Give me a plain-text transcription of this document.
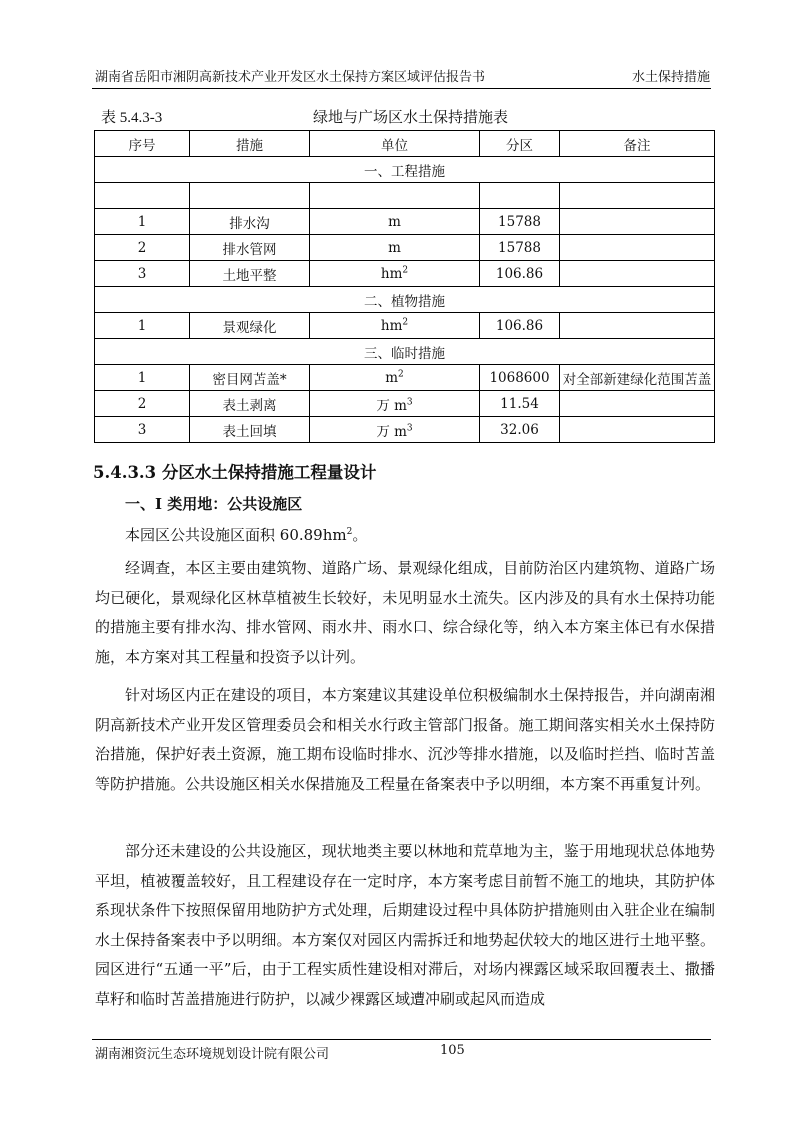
湖南省岳阳市湘阴高新技术产业开发区水土保持方案区域评估报告书	水土保持措施
表 5.4.3-3	绿地与广场区水土保持措施表
序号	措施	单位	分区	备注
一、工程措施				

1	排水沟	m	15788	
2	排水管网	m	15788	
3	土地平整	$hm^2$	106.86	
二、植物措施				
1	景观绿化	$hm^2$	106.86	
三、临时措施				
1	密目网苫盖*	$m^2$	1068600	对全部新建绿化范围苫盖
2	表土剥离	万 $m^3$	11.54	
3	表土回填	万 $m^3$	32.06	
5.4.3.3 分区水土保持措施工程量设计
一、I 类用地：公共设施区
本园区公共设施区面积 $60.89hm^2$。
经调查，本区主要由建筑物、道路广场、景观绿化组成，目前防治区内建筑物、道路广场均已硬化，景观绿化区林草植被生长较好，未见明显水土流失。区内涉及的具有水土保持功能的措施主要有排水沟、排水管网、雨水井、雨水口、综合绿化等，纳入本方案主体已有水保措施，本方案对其工程量和投资予以计列。
针对场区内正在建设的项目，本方案建议其建设单位积极编制水土保持报告，并向湖南湘阴高新技术产业开发区管理委员会和相关水行政主管部门报备。施工期间落实相关水土保持防治措施，保护好表土资源，施工期布设临时排水、沉沙等排水措施，以及临时拦挡、临时苫盖等防护措施。公共设施区相关水保措施及工程量在备案表中予以明细，本方案不再重复计列。
部分还未建设的公共设施区，现状地类主要以林地和荒草地为主，鉴于用地现状总体地势平坦，植被覆盖较好，且工程建设存在一定时序，本方案考虑目前暂不施工的地块，其防护体系现状条件下按照保留用地防护方式处理，后期建设过程中具体防护措施则由入驻企业在编制水土保持备案表中予以明细。本方案仅对园区内需拆迁和地势起伏较大的地区进行土地平整。园区进行“五通一平”后，由于工程实质性建设相对滞后，对场内裸露区域采取回覆表土、撒播草籽和临时苫盖措施进行防护，以减少裸露区域遭冲刷或起风而造成
湖南湘资沅生态环境规划设计院有限公司	105
